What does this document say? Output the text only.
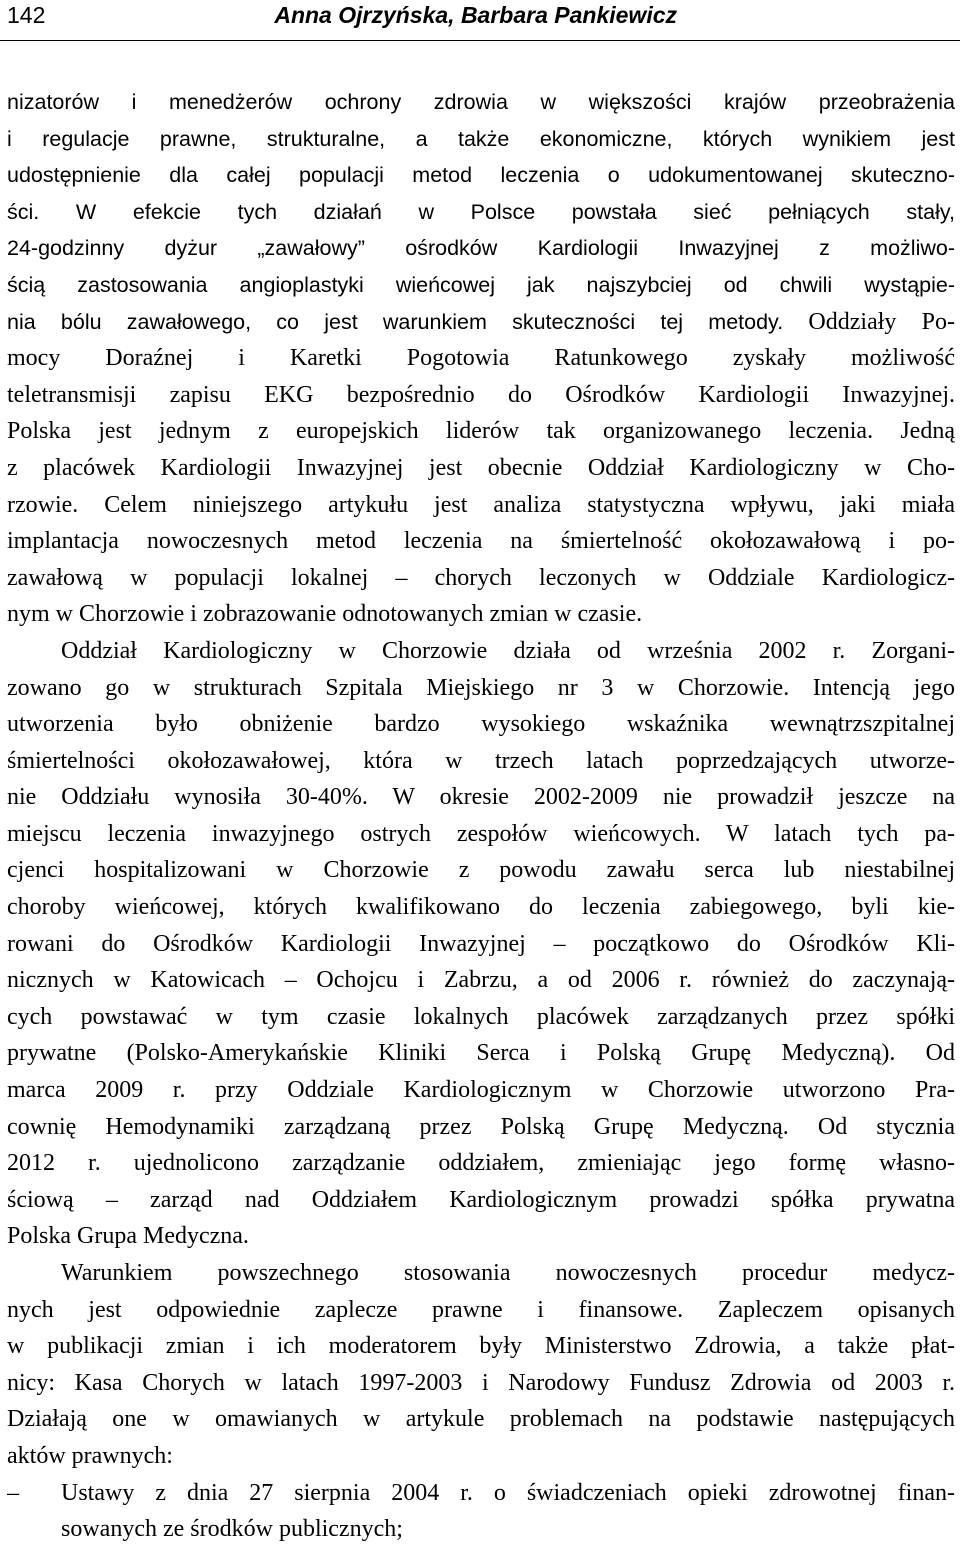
142	Anna Ojrzyńska, Barbara Pankiewicz
nizatorów i menedżerów ochrony zdrowia w większości krajów przeobrażenia
i regulacje prawne, strukturalne, a także ekonomiczne, których wynikiem jest
udostępnienie dla całej populacji metod leczenia o udokumentowanej skuteczno-
ści. W efekcie tych działań w Polsce powstała sieć pełniących stały,
24-godzinny dyżur „zawałowy” ośrodków Kardiologii Inwazyjnej z możliwo-
ścią zastosowania angioplastyki wieńcowej jak najszybciej od chwili wystąpie-
nia bólu zawałowego, co jest warunkiem skuteczności tej metody. Oddziały Po-
mocy Doraźnej i Karetki Pogotowia Ratunkowego zyskały możliwość
teletransmisji zapisu EKG bezpośrednio do Ośrodków Kardiologii Inwazyjnej.
Polska jest jednym z europejskich liderów tak organizowanego leczenia. Jedną
z placówek Kardiologii Inwazyjnej jest obecnie Oddział Kardiologiczny w Cho-
rzowie. Celem niniejszego artykułu jest analiza statystyczna wpływu, jaki miała
implantacja nowoczesnych metod leczenia na śmiertelność okołozawałową i po-
zawałową w populacji lokalnej – chorych leczonych w Oddziale Kardiologicz-
nym w Chorzowie i zobrazowanie odnotowanych zmian w czasie.
Oddział Kardiologiczny w Chorzowie działa od września 2002 r. Zorgani-
zowano go w strukturach Szpitala Miejskiego nr 3 w Chorzowie. Intencją jego
utworzenia było obniżenie bardzo wysokiego wskaźnika wewnątrzszpitalnej
śmiertelności okołozawałowej, która w trzech latach poprzedzających utworze-
nie Oddziału wynosiła 30-40%. W okresie 2002-2009 nie prowadził jeszcze na
miejscu leczenia inwazyjnego ostrych zespołów wieńcowych. W latach tych pa-
cjenci hospitalizowani w Chorzowie z powodu zawału serca lub niestabilnej
choroby wieńcowej, których kwalifikowano do leczenia zabiegowego, byli kie-
rowani do Ośrodków Kardiologii Inwazyjnej – początkowo do Ośrodków Kli-
nicznych w Katowicach – Ochojcu i Zabrzu, a od 2006 r. również do zaczynają-
cych powstawać w tym czasie lokalnych placówek zarządzanych przez spółki
prywatne (Polsko-Amerykańskie Kliniki Serca i Polską Grupę Medyczną). Od
marca 2009 r. przy Oddziale Kardiologicznym w Chorzowie utworzono Pra-
cownię Hemodynamiki zarządzaną przez Polską Grupę Medyczną. Od stycznia
2012 r. ujednolicono zarządzanie oddziałem, zmieniając jego formę własno-
ściową – zarząd nad Oddziałem Kardiologicznym prowadzi spółka prywatna
Polska Grupa Medyczna.
Warunkiem powszechnego stosowania nowoczesnych procedur medycz-
nych jest odpowiednie zaplecze prawne i finansowe. Zapleczem opisanych
w publikacji zmian i ich moderatorem były Ministerstwo Zdrowia, a także płat-
nicy: Kasa Chorych w latach 1997-2003 i Narodowy Fundusz Zdrowia od 2003 r.
Działają one w omawianych w artykule problemach na podstawie następujących
aktów prawnych:
– Ustawy z dnia 27 sierpnia 2004 r. o świadczeniach opieki zdrowotnej finan-
sowanych ze środków publicznych;
